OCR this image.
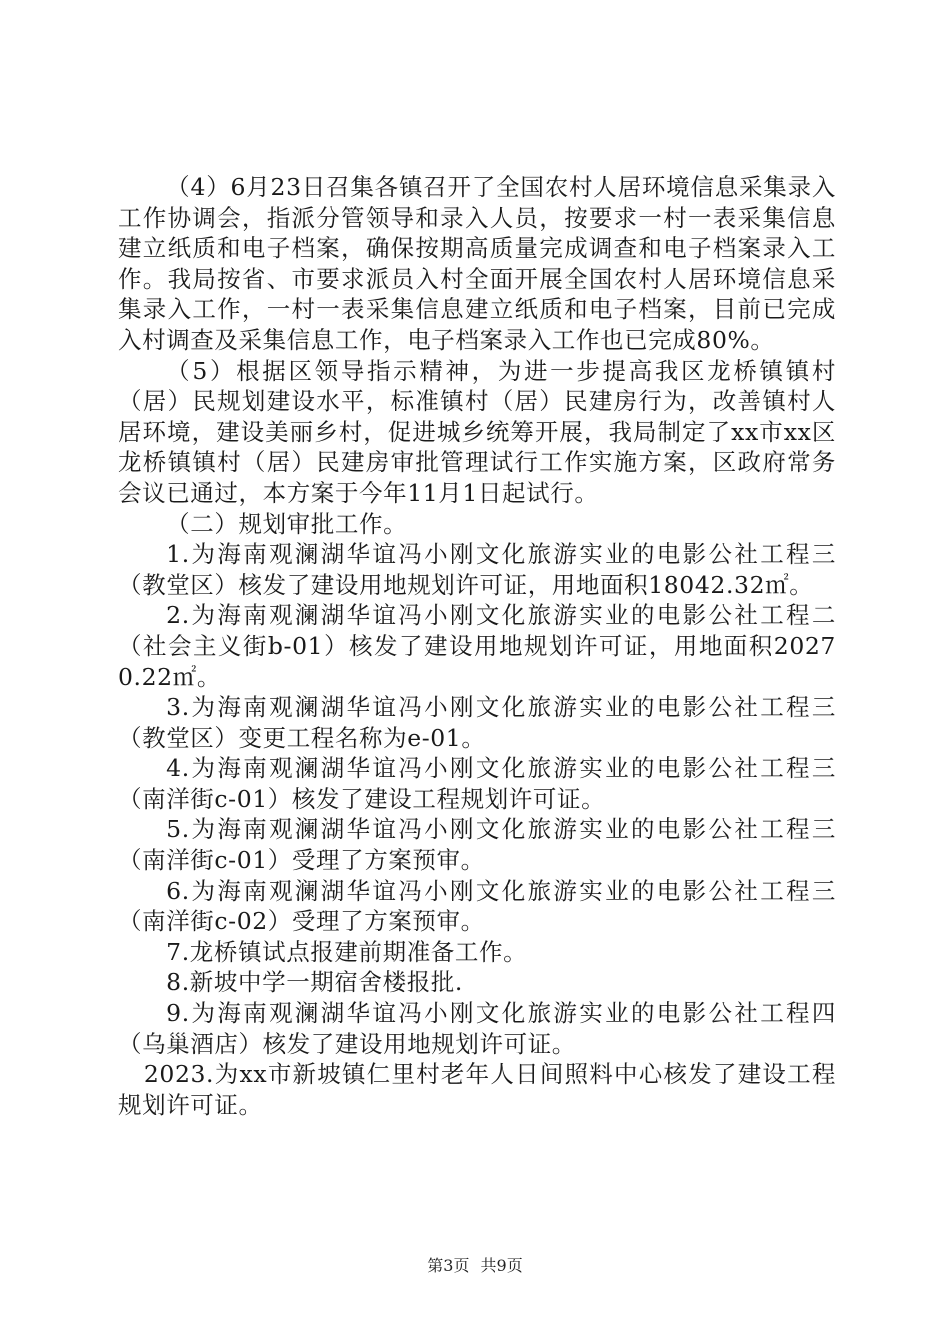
（4）6月23日召集各镇召开了全国农村人居环境信息采集录入工作协调会，指派分管领导和录入人员，按要求一村一表采集信息建立纸质和电子档案，确保按期高质量完成调查和电子档案录入工作。我局按省、市要求派员入村全面开展全国农村人居环境信息采集录入工作，一村一表采集信息建立纸质和电子档案，目前已完成入村调查及采集信息工作，电子档案录入工作也已完成80%。

（5）根据区领导指示精神，为进一步提高我区龙桥镇镇村（居）民规划建设水平，标准镇村（居）民建房行为，改善镇村人居环境，建设美丽乡村，促进城乡统筹开展，我局制定了xx市xx区龙桥镇镇村（居）民建房审批管理试行工作实施方案，区政府常务会议已通过，本方案于今年11月1日起试行。

（二）规划审批工作。

1.为海南观澜湖华谊冯小刚文化旅游实业的电影公社工程三（教堂区）核发了建设用地规划许可证，用地面积18042.32㎡。

2.为海南观澜湖华谊冯小刚文化旅游实业的电影公社工程二（社会主义街b-01）核发了建设用地规划许可证，用地面积20270.22㎡。

3.为海南观澜湖华谊冯小刚文化旅游实业的电影公社工程三（教堂区）变更工程名称为e-01。

4.为海南观澜湖华谊冯小刚文化旅游实业的电影公社工程三（南洋街c-01）核发了建设工程规划许可证。

5.为海南观澜湖华谊冯小刚文化旅游实业的电影公社工程三（南洋街c-01）受理了方案预审。

6.为海南观澜湖华谊冯小刚文化旅游实业的电影公社工程三（南洋街c-02）受理了方案预审。

7.龙桥镇试点报建前期准备工作。

8.新坡中学一期宿舍楼报批.

9.为海南观澜湖华谊冯小刚文化旅游实业的电影公社工程四（乌巢酒店）核发了建设用地规划许可证。

2023.为xx市新坡镇仁里村老年人日间照料中心核发了建设工程规划许可证。

第3页 共9页
